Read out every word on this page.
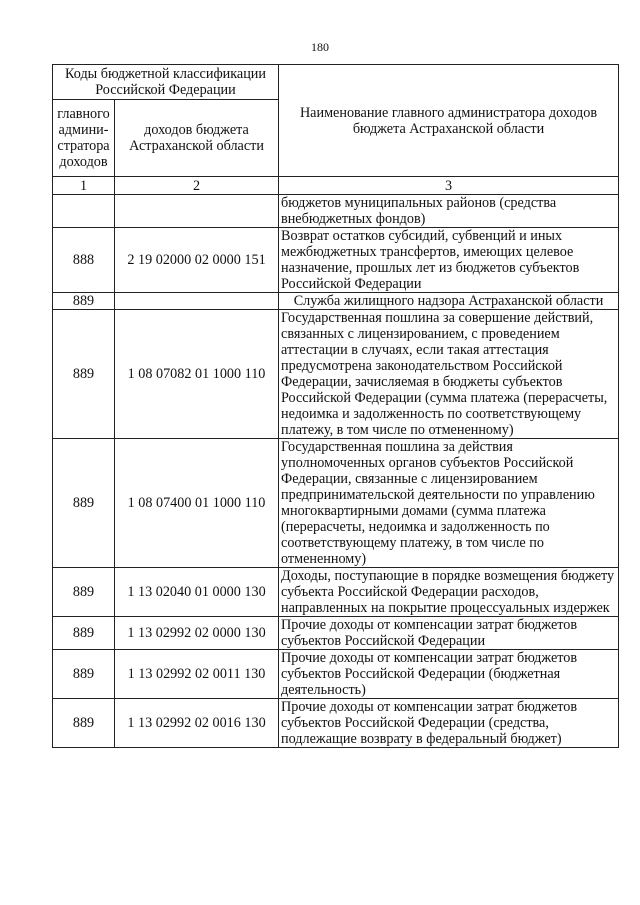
180
Коды бюджетной классификации Российской Федерации		Наименование главного администратора доходов бюджета Астраханской области
главного админи-стратора доходов	доходов бюджета Астраханской области	
1	2	3
		бюджетов муниципальных районов (средства внебюджетных фондов)
888	2 19 02000 02 0000 151	Возврат остатков субсидий, субвенций и иных межбюджетных трансфертов, имеющих целевое назначение, прошлых лет из бюджетов субъектов Российской Федерации
889		Служба жилищного надзора Астраханской области
889	1 08 07082 01 1000 110	Государственная пошлина за совершение действий, связанных с лицензированием, с проведением аттестации в случаях, если такая аттестация предусмотрена законодательством Российской Федерации, зачисляемая в бюджеты субъектов Российской Федерации (сумма платежа (перерасчеты, недоимка и задолженность по соответствующему платежу, в том числе по отмененному)
889	1 08 07400 01 1000 110	Государственная пошлина за действия уполномоченных органов субъектов Российской Федерации, связанные с лицензированием предпринимательской деятельности по управлению многоквартирными домами (сумма платежа (перерасчеты, недоимка и задолженность по соответствующему платежу, в том числе по отмененному)
889	1 13 02040 01 0000 130	Доходы, поступающие в порядке возмещения бюджету субъекта Российской Федерации расходов, направленных на покрытие процессуальных издержек
889	1 13 02992 02 0000 130	Прочие доходы от компенсации затрат бюджетов субъектов Российской Федерации
889	1 13 02992 02 0011 130	Прочие доходы от компенсации затрат бюджетов субъектов Российской Федерации (бюджетная деятельность)
889	1 13 02992 02 0016 130	Прочие доходы от компенсации затрат бюджетов субъектов Российской Федерации (средства, подлежащие возврату в федеральный бюджет)
